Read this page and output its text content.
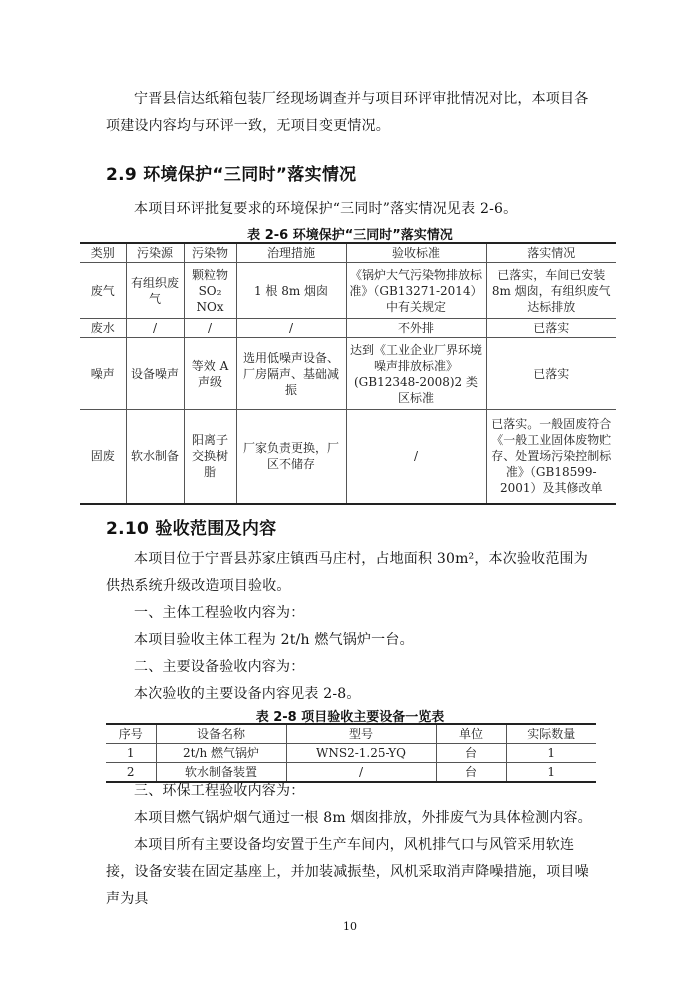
宁晋县信达纸箱包装厂经现场调查并与项目环评审批情况对比，本项目各项建设内容均与环评一致，无项目变更情况。

2.9 环境保护“三同时”落实情况

本项目环评批复要求的环境保护“三同时”落实情况见表 2-6。

表 2-6 环境保护“三同时”落实情况

类别	污染源	污染物	治理措施	验收标准	落实情况
废气	有组织废气	颗粒物 SO₂ NOx	1 根 8m 烟囱	《锅炉大气污染物排放标准》（GB13271-2014）中有关规定	已落实，车间已安装 8m 烟囱，有组织废气达标排放
废水	/	/	/	不外排	已落实
噪声	设备噪声	等效 A 声级	选用低噪声设备、厂房隔声、基础减振	达到《工业企业厂界环境噪声排放标准》(GB12348-2008)2 类区标准	已落实
固废	软水制备	阳离子交换树脂	厂家负责更换，厂区不储存	/	已落实。一般固废符合《一般工业固体废物贮存、处置场污染控制标准》（GB18599-2001）及其修改单
2.10 验收范围及内容

本项目位于宁晋县苏家庄镇西马庄村，占地面积 30m²，本次验收范围为供热系统升级改造项目验收。

一、主体工程验收内容为：

本项目验收主体工程为 2t/h 燃气锅炉一台。

二、主要设备验收内容为：

本次验收的主要设备内容见表 2-8。

表 2-8 项目验收主要设备一览表

序号	设备名称	型号	单位	实际数量
1	2t/h 燃气锅炉	WNS2-1.25-YQ	台	1
2	软水制备装置	/	台	1

三、环保工程验收内容为：

本项目燃气锅炉烟气通过一根 8m 烟囱排放，外排废气为具体检测内容。

本项目所有主要设备均安置于生产车间内，风机排气口与风管采用软连接，设备安装在固定基座上，并加装减振垫，风机采取消声降噪措施，项目噪声为具

10
